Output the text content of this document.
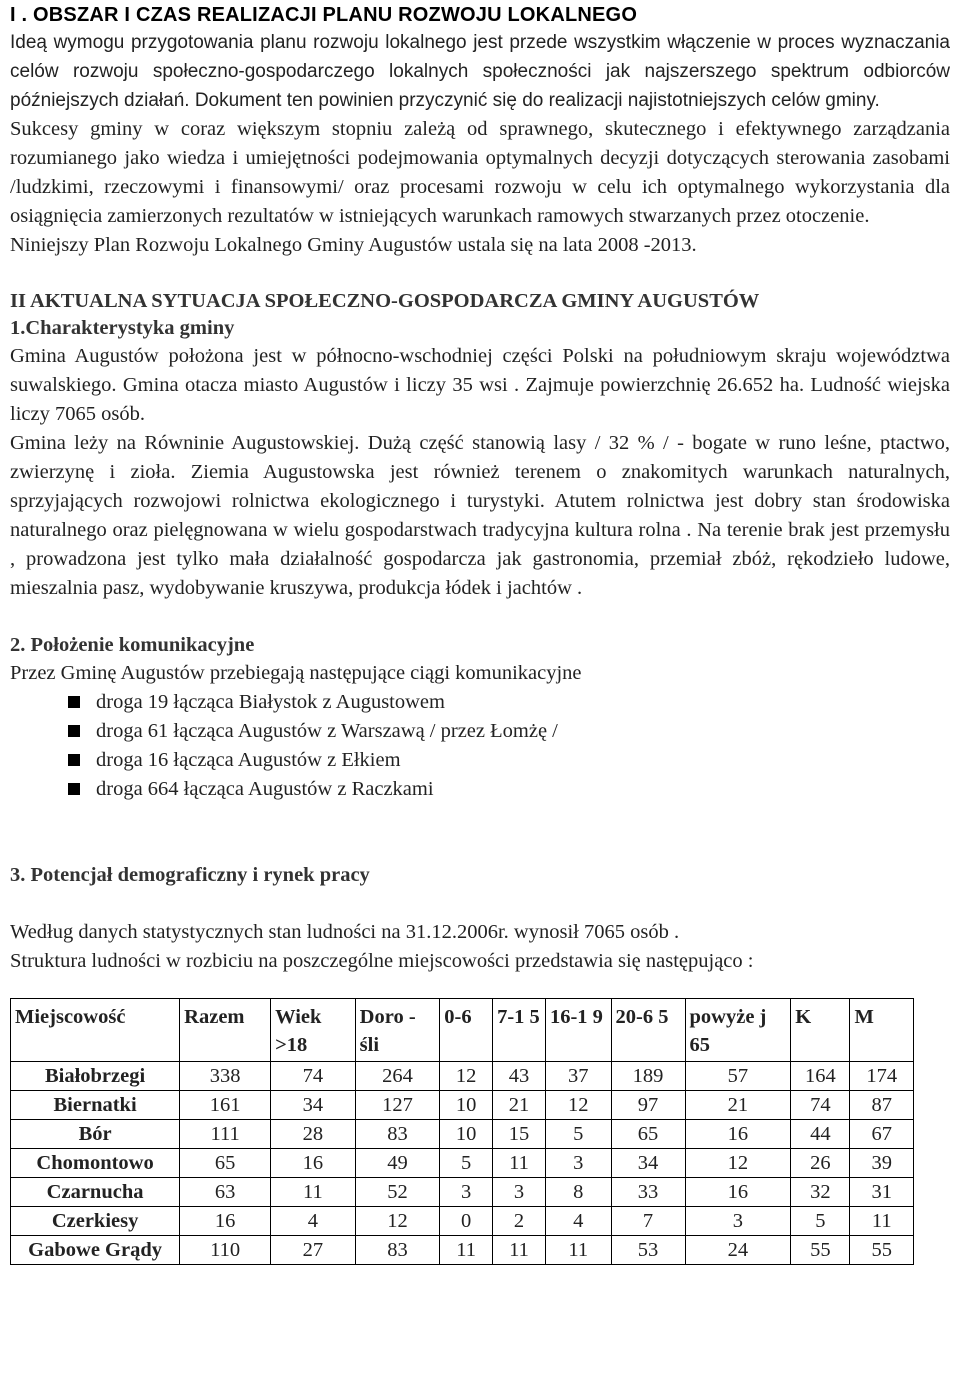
I . OBSZAR I CZAS REALIZACJI PLANU ROZWOJU LOKALNEGO

Ideą wymogu przygotowania planu rozwoju lokalnego jest przede wszystkim włączenie w proces wyznaczania celów rozwoju społeczno-gospodarczego lokalnych społeczności jak najszerszego spektrum odbiorców późniejszych działań. Dokument ten powinien przyczynić się do realizacji najistotniejszych celów gminy.

Sukcesy gminy w coraz większym stopniu zależą od sprawnego, skutecznego i efektywnego zarządzania rozumianego jako wiedza i umiejętności podejmowania optymalnych decyzji dotyczących sterowania zasobami /ludzkimi, rzeczowymi i finansowymi/ oraz procesami rozwoju w celu ich optymalnego wykorzystania dla osiągnięcia zamierzonych rezultatów w istniejących warunkach ramowych stwarzanych przez otoczenie.

Niniejszy Plan Rozwoju Lokalnego Gminy Augustów ustala się na lata 2008 -2013.

II AKTUALNA SYTUACJA SPOŁECZNO-GOSPODARCZA GMINY AUGUSTÓW
1.Charakterystyka gminy

Gmina Augustów położona jest w północno-wschodniej części Polski na południowym skraju województwa suwalskiego. Gmina otacza miasto Augustów i liczy 35 wsi . Zajmuje powierzchnię 26.652 ha. Ludność wiejska liczy 7065 osób.

Gmina leży na Równinie Augustowskiej. Dużą część stanowią lasy / 32 % / - bogate w runo leśne, ptactwo, zwierzynę i zioła. Ziemia Augustowska jest również terenem o znakomitych warunkach naturalnych, sprzyjających rozwojowi rolnictwa ekologicznego i turystyki. Atutem rolnictwa jest dobry stan środowiska naturalnego oraz pielęgnowana w wielu gospodarstwach tradycyjna kultura rolna . Na terenie brak jest przemysłu , prowadzona jest tylko mała działalność gospodarcza jak gastronomia, przemiał zbóż, rękodzieło ludowe, mieszalnia pasz, wydobywanie kruszywa, produkcja łódek i jachtów .

2. Położenie komunikacyjne

Przez Gminę Augustów przebiegają następujące ciągi komunikacyjne

droga 19 łącząca Białystok z Augustowem
droga 61 łącząca Augustów z Warszawą / przez Łomżę /
droga 16 łącząca Augustów z Ełkiem
droga 664 łącząca Augustów z Raczkami
3. Potencjał demograficzny i rynek pracy

Według danych statystycznych stan ludności na 31.12.2006r. wynosił 7065 osób .

Struktura ludności w rozbiciu na poszczególne miejscowości przedstawia się następująco :

Miejscowość	Razem	Wiek >18	Doro - śli	0-6	7-1 5	16-1 9	20-6 5	powyże j 65	K	M
Białobrzegi	338	74	264	12	43	37	189	57	164	174
Biernatki	161	34	127	10	21	12	97	21	74	87
Bór	111	28	83	10	15	5	65	16	44	67
Chomontowo	65	16	49	5	11	3	34	12	26	39
Czarnucha	63	11	52	3	3	8	33	16	32	31
Czerkiesy	16	4	12	0	2	4	7	3	5	11
Gabowe Grądy	110	27	83	11	11	11	53	24	55	55
